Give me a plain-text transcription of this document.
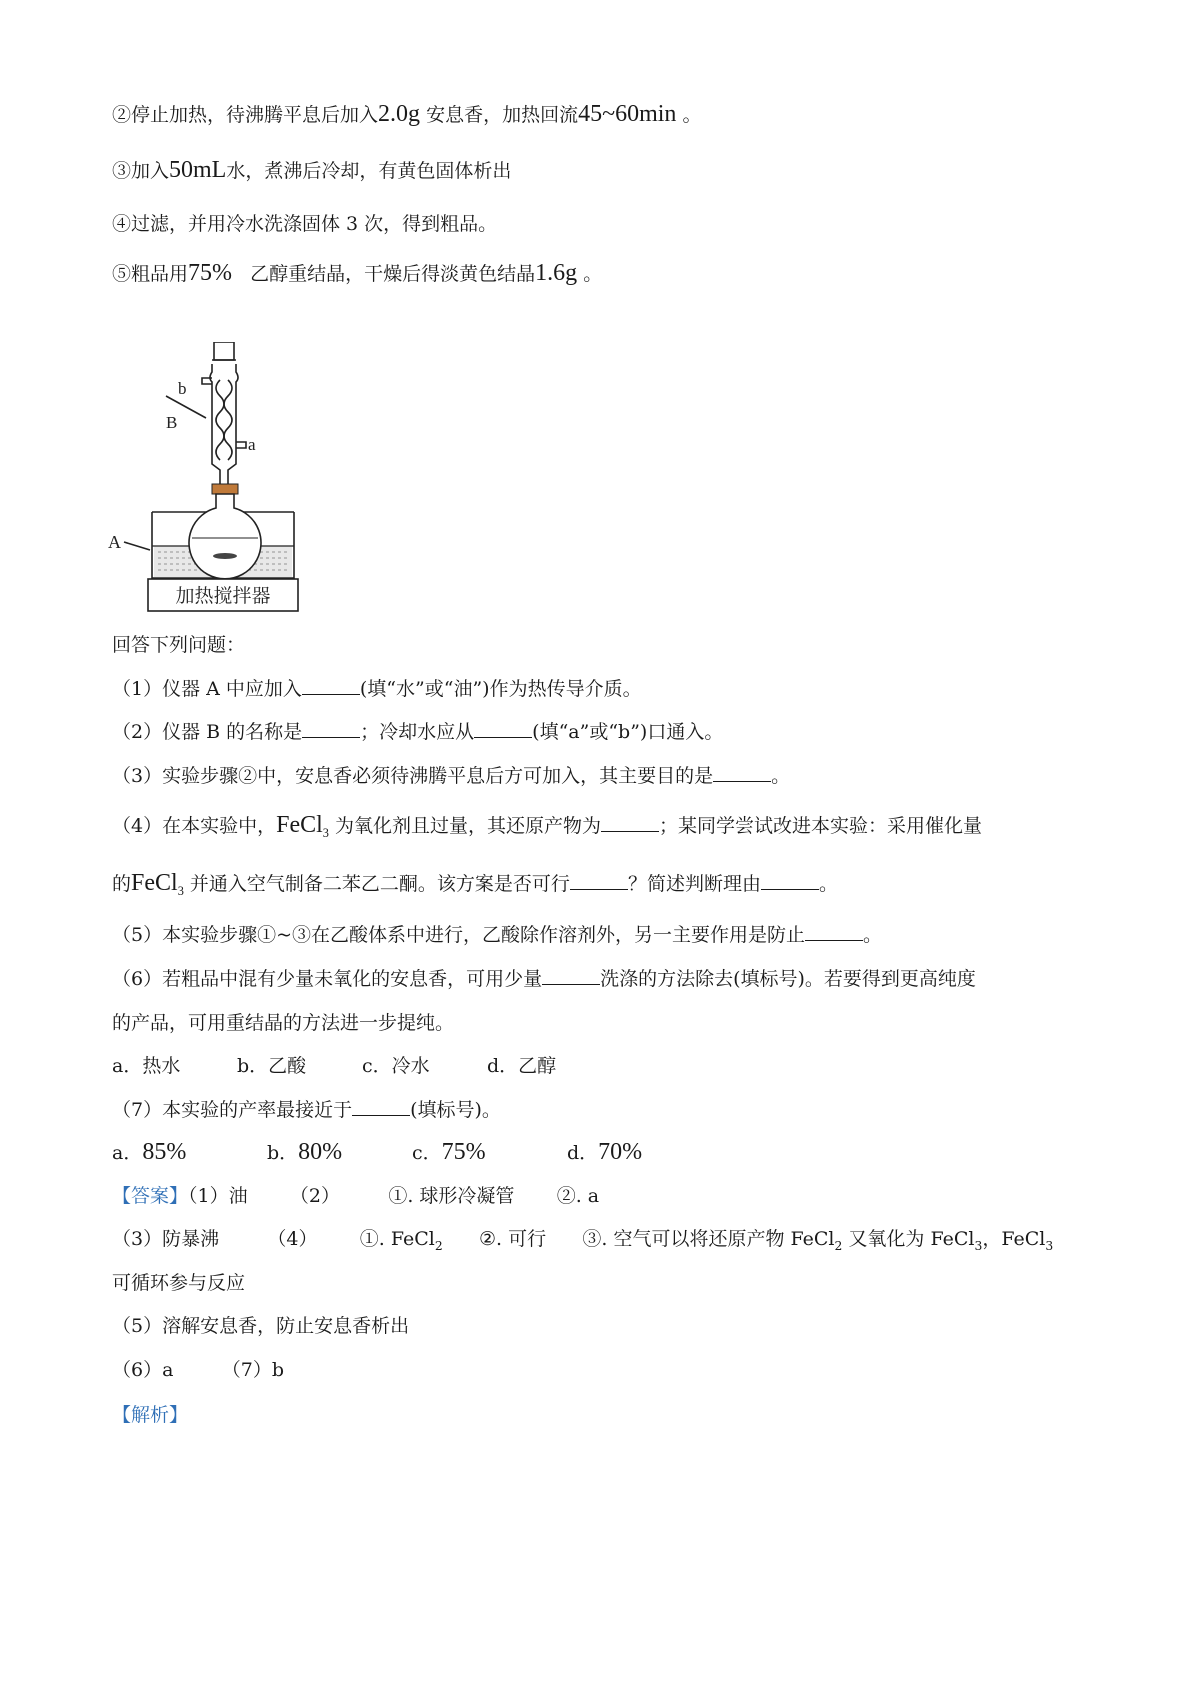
②停止加热，待沸腾平息后加入2.0g 安息香，加热回流45~60min 。
③加入50mL水，煮沸后冷却，有黄色固体析出
④过滤，并用冷水洗涤固体 3 次，得到粗品。
⑤粗品用75% 乙醇重结晶，干燥后得淡黄色结晶1.6g 。
加热搅拌器
b
B
a
A
回答下列问题：
（1）仪器 A 中应加入	(填“水”或“油”)作为热传导介质。
（2）仪器 B 的名称是	；冷却水应从	(填“a”或“b”)口通入。
（3）实验步骤②中，安息香必须待沸腾平息后方可加入，其主要目的是	。
（4）在本实验中，FeCl$_3$ 为氧化剂且过量，其还原产物为	；某同学尝试改进本实验：采用催化量
的FeCl$_3$ 并通入空气制备二苯乙二酮。该方案是否可行	？简述判断理由	。
（5）本实验步骤①~③在乙酸体系中进行，乙酸除作溶剂外，另一主要作用是防止	。
（6）若粗品中混有少量未氧化的安息香，可用少量	洗涤的方法除去(填标号)。若要得到更高纯度
的产品，可用重结晶的方法进一步提纯。
a．热水	b．乙酸	c．冷水	d．乙醇
（7）本实验的产率最接近于	(填标号)。
a．85%	b．80%	c．75%	d．70%
【答案】（1）油 （2）	①. 球形冷凝管 ②. a
（3）防暴沸	（4） ①. FeCl$_2$ ②. 可行 ③. 空气可以将还原产物 FeCl$_2$ 又氧化为 FeCl$_3$，FeCl$_3$
可循环参与反应
（5）溶解安息香，防止安息香析出
（6）a	（7）b
【解析】
